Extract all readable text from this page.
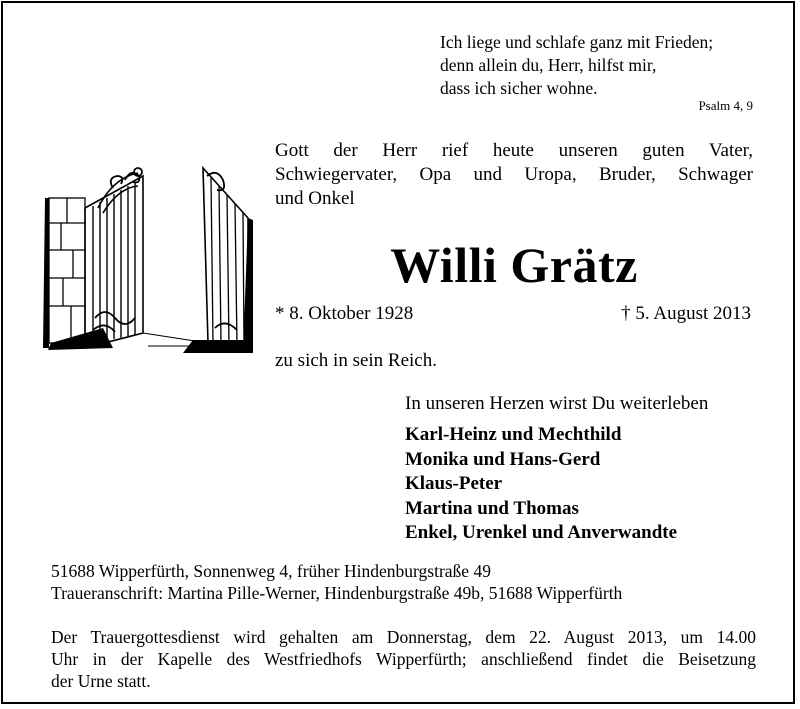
Ich liege und schlafe ganz mit Frieden;
denn allein du, Herr, hilfst mir,
dass ich sicher wohne.
Psalm 4, 9
Gott der Herr rief heute unseren guten Vater,
Schwiegervater, Opa und Uropa, Bruder, Schwager
und Onkel
Willi Grätz
* 8. Oktober 1928	† 5. August 2013
zu sich in sein Reich.
In unseren Herzen wirst Du weiterleben
Karl-Heinz und Mechthild
Monika und Hans-Gerd
Klaus-Peter
Martina und Thomas
Enkel, Urenkel und Anverwandte
51688 Wipperfürth, Sonnenweg 4, früher Hindenburgstraße 49
Traueranschrift: Martina Pille-Werner, Hindenburgstraße 49b, 51688 Wipperfürth
Der Trauergottesdienst wird gehalten am Donnerstag, dem 22. August 2013, um 14.00
Uhr in der Kapelle des Westfriedhofs Wipperfürth; anschließend findet die Beisetzung
der Urne statt.
